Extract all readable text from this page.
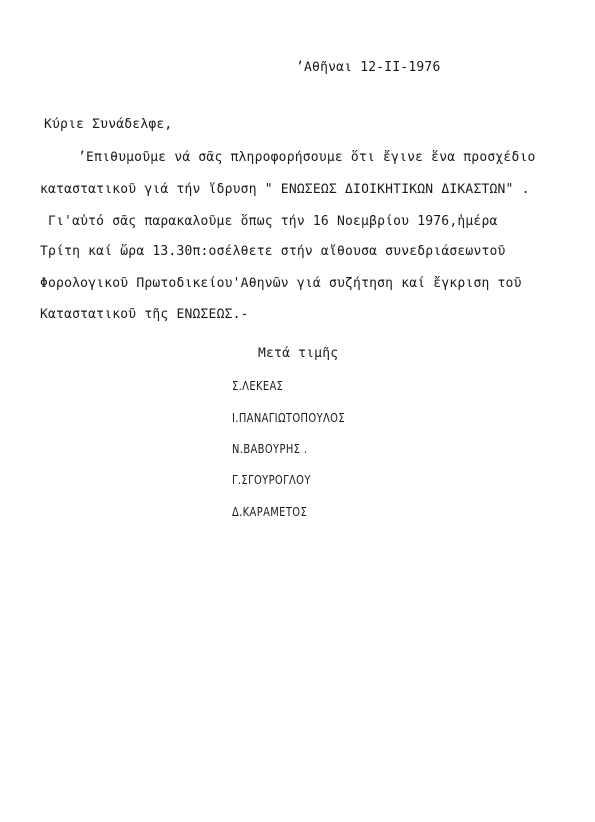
ʼΑθῆναι 12-II-1976
Κύριε Συνάδελφε,
ʼΕπιθυμοῦμε νά σᾶς πληροφορήσουμε ὅτι ἔγινε ἕνα προσχέδιο
καταστατικοῦ γιά τήν ἵδρυση " ΕΝΩΣΕΩΣ ΔΙΟΙΚΗΤΙΚΩΝ ΔΙΚΑΣΤΩΝ" .
Γι'αὐτό σᾶς παρακαλοῦμε ὅπως τήν 16 Νοεμβρίου 1976,ἡμέρα
Τρίτη καί ὥρα 13.30π:οσέλθετε στήν αἴθουσα συνεδριάσεωντοῦ
Φορολογικοῦ Πρωτοδικείου'Αθηνῶν γιά συζήτηση καί ἔγκριση τοῦ
Καταστατικοῦ τῆς ΕΝΩΣΕΩΣ.-
Μετά τιμῆς
Σ.ΛΕΚΕΑΣ
Ι.ΠΑΝΑΓΙΩΤΟΠΟΥΛΟΣ
Ν.ΒΑΒΟΥΡΗΣ .
Γ.ΣΓΟΥΡΟΓΛΟΥ
Δ.ΚΑΡΑΜΕΤΟΣ
